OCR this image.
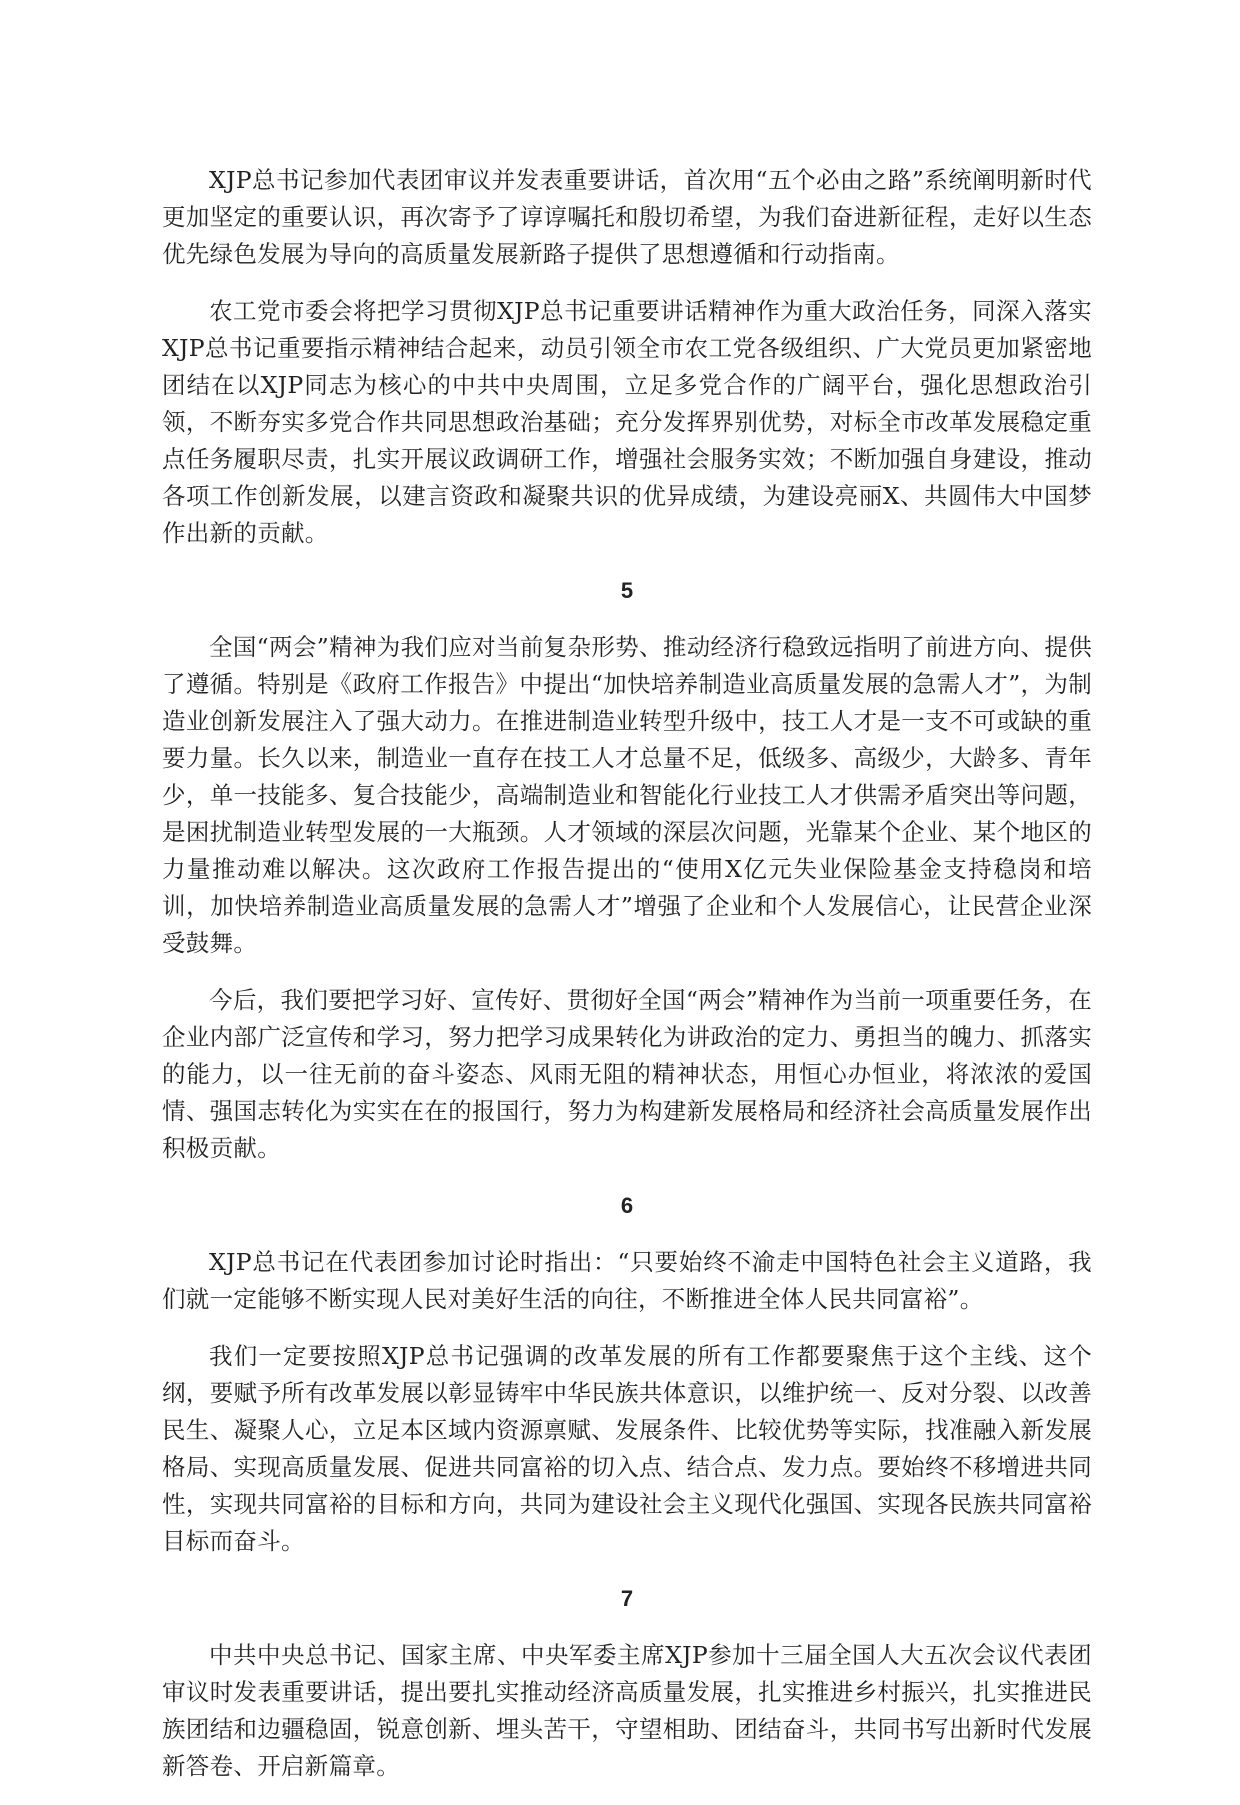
XJP总书记参加代表团审议并发表重要讲话，首次用“五个必由之路”系统阐明新时代更加坚定的重要认识，再次寄予了谆谆嘱托和殷切希望，为我们奋进新征程，走好以生态优先绿色发展为导向的高质量发展新路子提供了思想遵循和行动指南。

农工党市委会将把学习贯彻XJP总书记重要讲话精神作为重大政治任务，同深入落实XJP总书记重要指示精神结合起来，动员引领全市农工党各级组织、广大党员更加紧密地团结在以XJP同志为核心的中共中央周围，立足多党合作的广阔平台，强化思想政治引领，不断夯实多党合作共同思想政治基础；充分发挥界别优势，对标全市改革发展稳定重点任务履职尽责，扎实开展议政调研工作，增强社会服务实效；不断加强自身建设，推动各项工作创新发展，以建言资政和凝聚共识的优异成绩，为建设亮丽X、共圆伟大中国梦作出新的贡献。

5

全国“两会”精神为我们应对当前复杂形势、推动经济行稳致远指明了前进方向、提供了遵循。特别是《政府工作报告》中提出“加快培养制造业高质量发展的急需人才”，为制造业创新发展注入了强大动力。在推进制造业转型升级中，技工人才是一支不可或缺的重要力量。长久以来，制造业一直存在技工人才总量不足，低级多、高级少，大龄多、青年少，单一技能多、复合技能少，高端制造业和智能化行业技工人才供需矛盾突出等问题，是困扰制造业转型发展的一大瓶颈。人才领域的深层次问题，光靠某个企业、某个地区的力量推动难以解决。这次政府工作报告提出的“使用X亿元失业保险基金支持稳岗和培训，加快培养制造业高质量发展的急需人才”增强了企业和个人发展信心，让民营企业深受鼓舞。

今后，我们要把学习好、宣传好、贯彻好全国“两会”精神作为当前一项重要任务，在企业内部广泛宣传和学习，努力把学习成果转化为讲政治的定力、勇担当的魄力、抓落实的能力，以一往无前的奋斗姿态、风雨无阻的精神状态，用恒心办恒业，将浓浓的爱国情、强国志转化为实实在在的报国行，努力为构建新发展格局和经济社会高质量发展作出积极贡献。

6

XJP总书记在代表团参加讨论时指出：“只要始终不渝走中国特色社会主义道路，我们就一定能够不断实现人民对美好生活的向往，不断推进全体人民共同富裕”。

我们一定要按照XJP总书记强调的改革发展的所有工作都要聚焦于这个主线、这个纲，要赋予所有改革发展以彰显铸牢中华民族共体意识，以维护统一、反对分裂、以改善民生、凝聚人心，立足本区域内资源禀赋、发展条件、比较优势等实际，找准融入新发展格局、实现高质量发展、促进共同富裕的切入点、结合点、发力点。要始终不移增进共同性，实现共同富裕的目标和方向，共同为建设社会主义现代化强国、实现各民族共同富裕目标而奋斗。

7

中共中央总书记、国家主席、中央军委主席XJP参加十三届全国人大五次会议代表团审议时发表重要讲话，提出要扎实推动经济高质量发展，扎实推进乡村振兴，扎实推进民族团结和边疆稳固，锐意创新、埋头苦干，守望相助、团结奋斗，共同书写出新时代发展新答卷、开启新篇章。
